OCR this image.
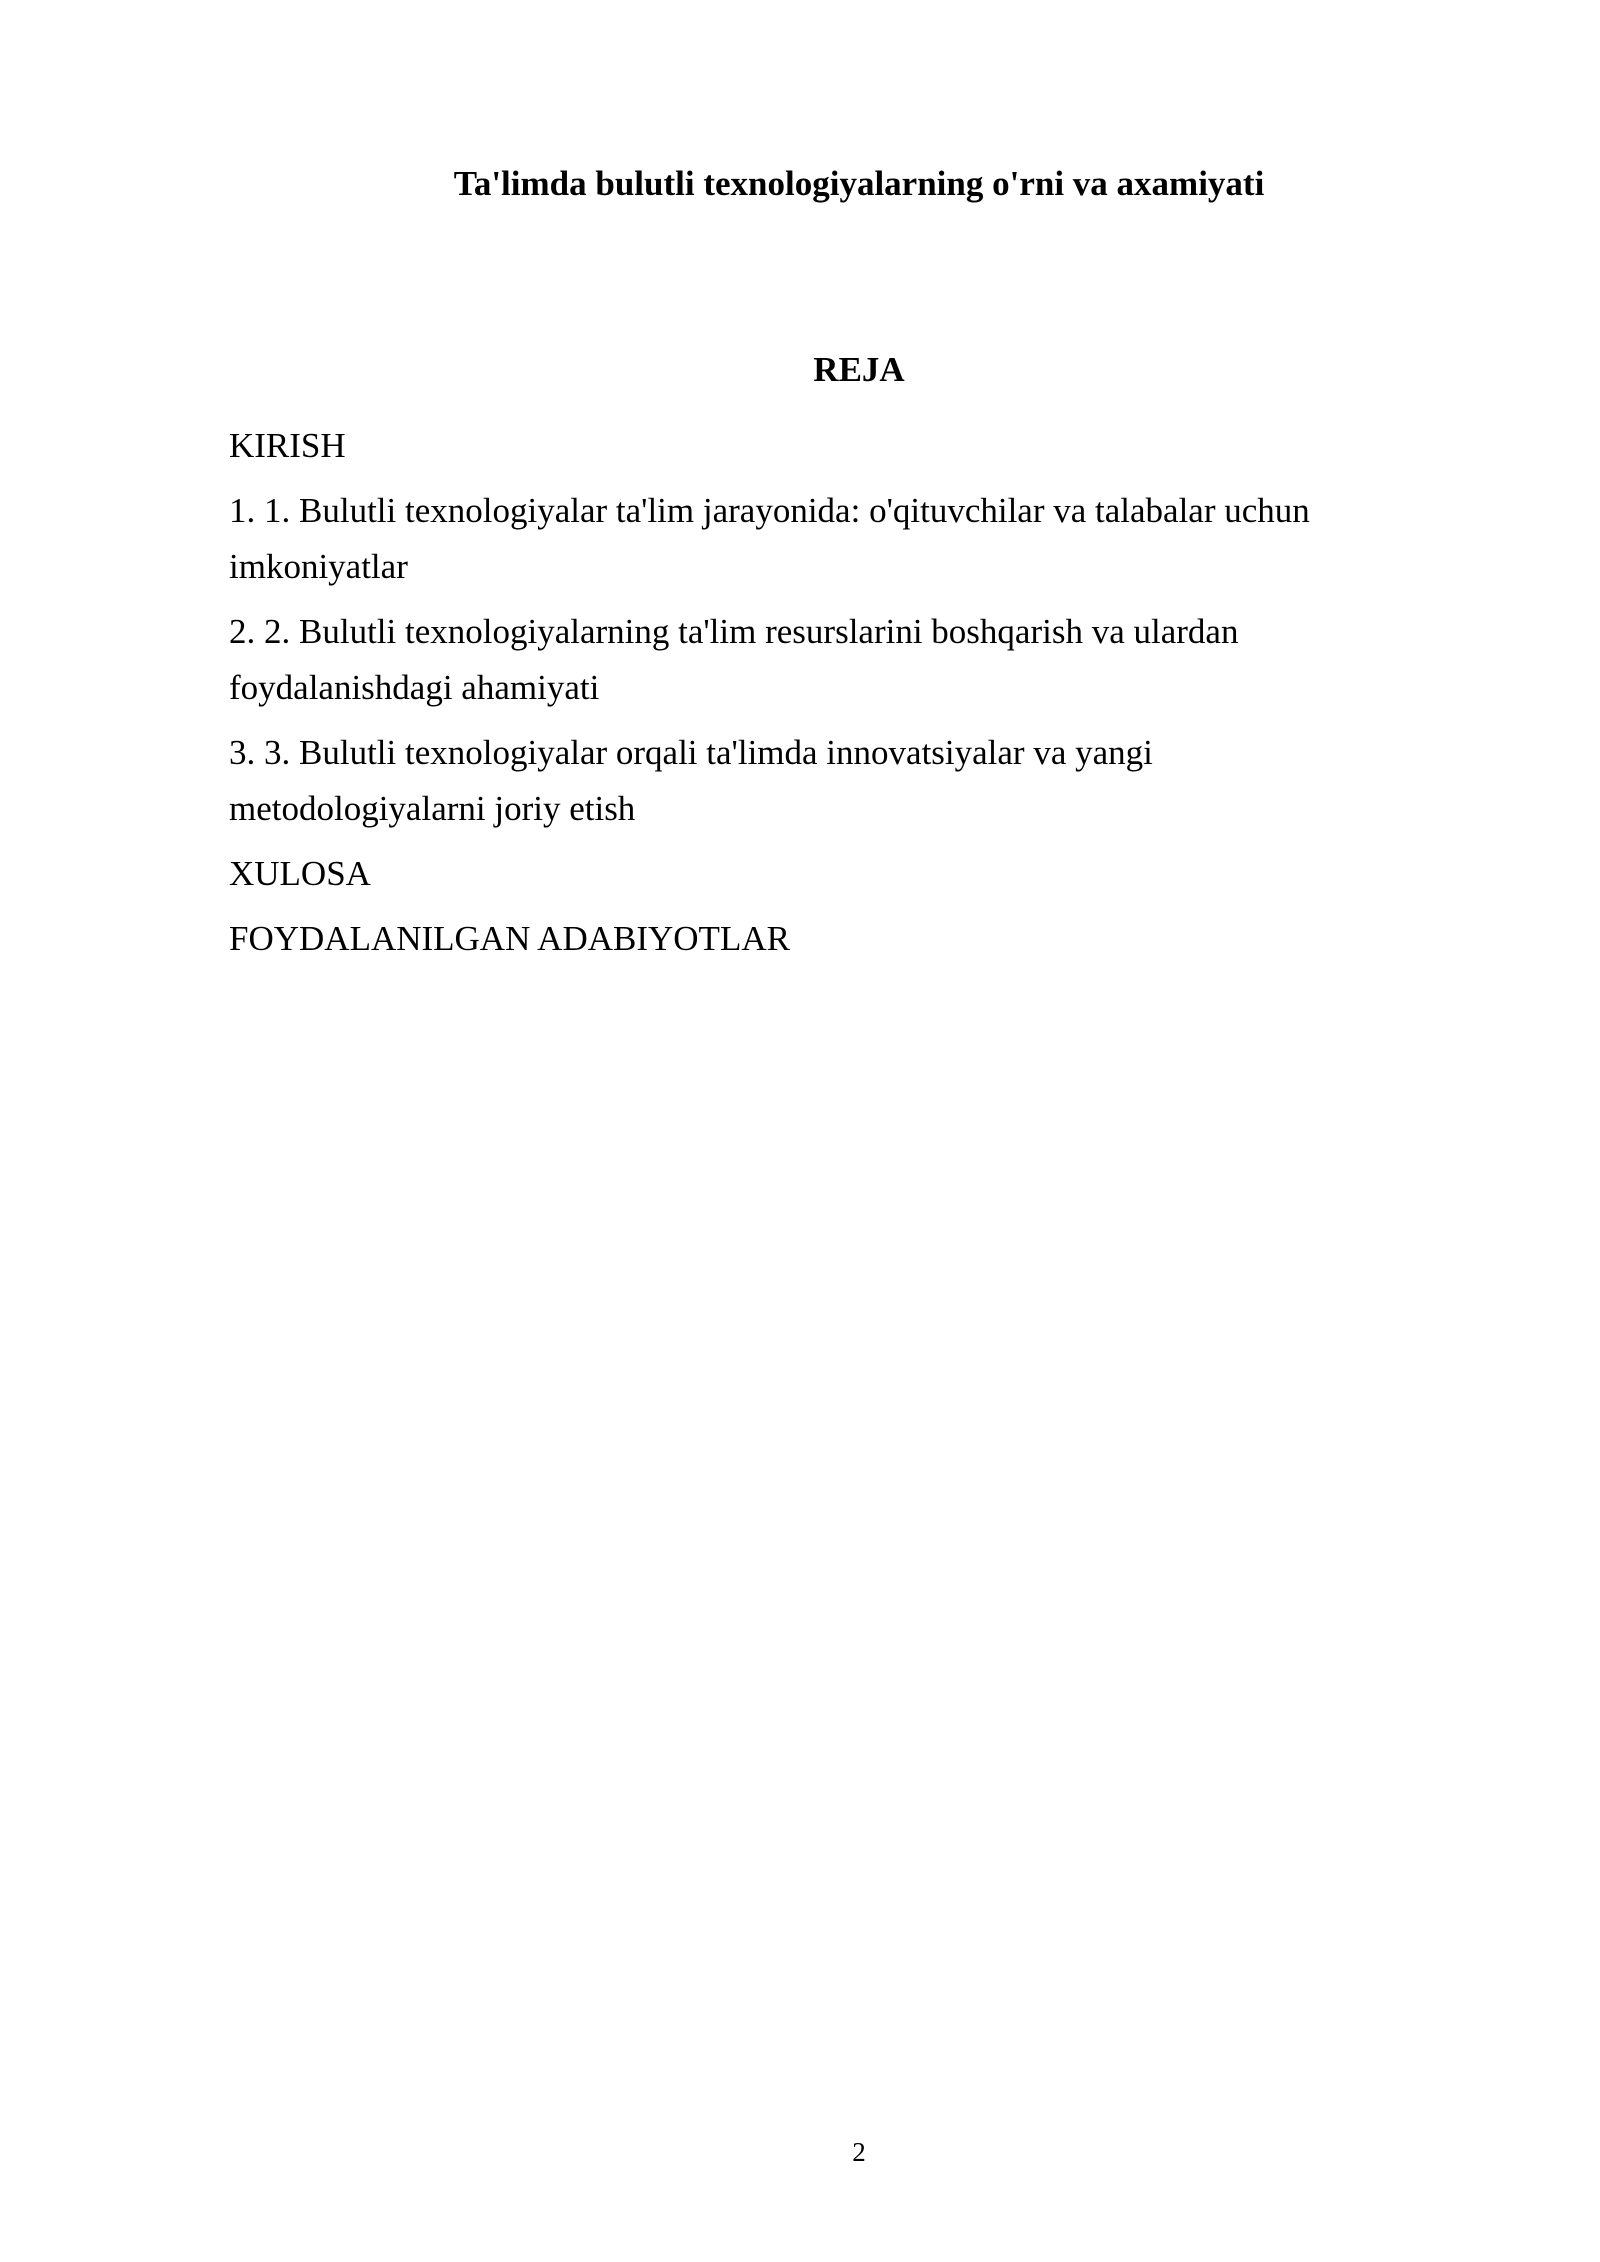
Ta'limda bulutli texnologiyalarning o'rni va axamiyati
REJA
KIRISH
1. 1. Bulutli texnologiyalar ta'lim jarayonida: o'qituvchilar va talabalar uchun imkoniyatlar
2. 2. Bulutli texnologiyalarning ta'lim resurslarini boshqarish va ulardan foydalanishdagi ahamiyati
3. 3. Bulutli texnologiyalar orqali ta'limda innovatsiyalar va yangi metodologiyalarni joriy etish
XULOSA
FOYDALANILGAN ADABIYOTLAR
2
